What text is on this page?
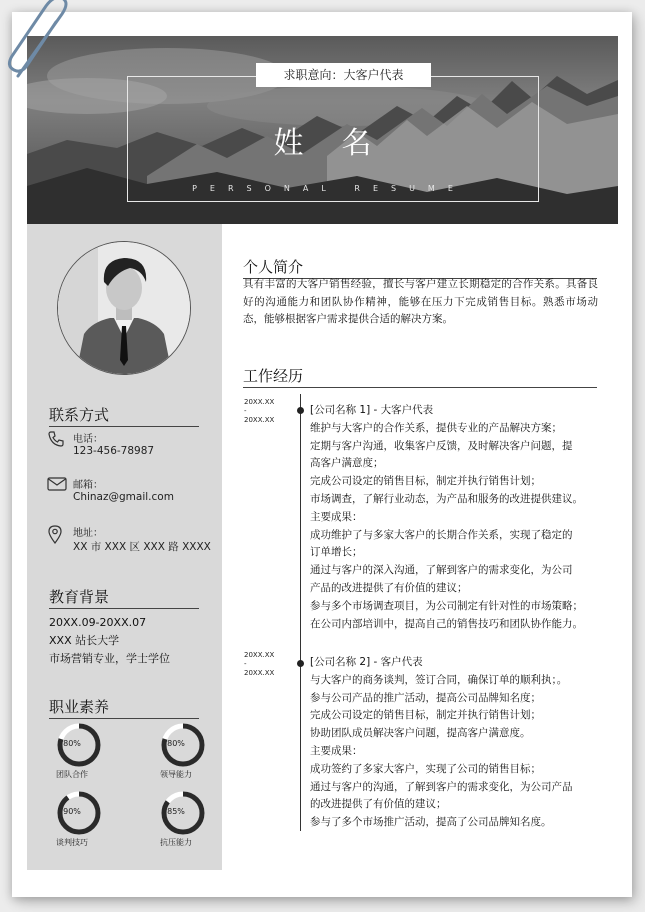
求职意向：大客户代表
姓名
PERSONAL RESUME
联系方式
电话：
123-456-78987
邮箱：
Chinaz@gmail.com
地址：
XX 市 XXX 区 XXX 路 XXXX
教育背景
20XX.09-20XX.07
XXX 站长大学
市场营销专业，学士学位
职业素养
80%
团队合作
80%
领导能力
90%
谈判技巧
85%
抗压能力
个人简介
具有丰富的大客户销售经验，擅长与客户建立长期稳定的合作关系。具备良好的沟通能力和团队协作精神，能够在压力下完成销售目标。熟悉市场动态，能够根据客户需求提供合适的解决方案。
工作经历
20XX.XX
-
20XX.XX
[公司名称 1] - 大客户代表
维护与大客户的合作关系，提供专业的产品解决方案；
定期与客户沟通，收集客户反馈，及时解决客户问题，提
高客户满意度；
完成公司设定的销售目标，制定并执行销售计划；
市场调查，了解行业动态，为产品和服务的改进提供建议。
主要成果：
成功维护了与多家大客户的长期合作关系，实现了稳定的
订单增长；
通过与客户的深入沟通，了解到客户的需求变化，为公司
产品的改进提供了有价值的建议；
参与多个市场调查项目，为公司制定有针对性的市场策略；
在公司内部培训中，提高自己的销售技巧和团队协作能力。
20XX.XX
-
20XX.XX
[公司名称 2] - 客户代表
与大客户的商务谈判，签订合同，确保订单的顺利执；。
参与公司产品的推广活动，提高公司品牌知名度；
完成公司设定的销售目标，制定并执行销售计划；
协助团队成员解决客户问题，提高客户满意度。
主要成果：
成功签约了多家大客户，实现了公司的销售目标；
通过与客户的沟通，了解到客户的需求变化，为公司产品
的改进提供了有价值的建议；
参与了多个市场推广活动，提高了公司品牌知名度。
